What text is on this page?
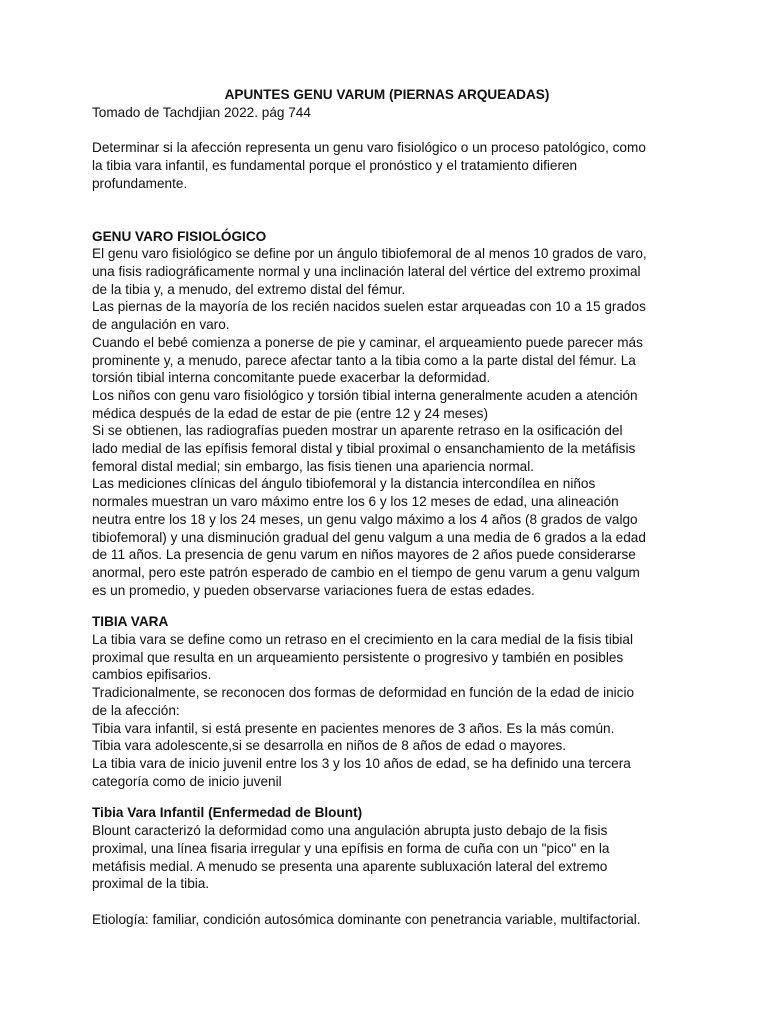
APUNTES GENU VARUM (PIERNAS ARQUEADAS)

Tomado de Tachdjian 2022. pág 744

Determinar si la afección representa un genu varo fisiológico o un proceso patológico, como

la tibia vara infantil, es fundamental porque el pronóstico y el tratamiento difieren

profundamente.

GENU VARO FISIOLÓGICO

El genu varo fisiológico se define por un ángulo tibiofemoral de al menos 10 grados de varo,

una fisis radiográficamente normal y una inclinación lateral del vértice del extremo proximal

de la tibia y, a menudo, del extremo distal del fémur.

Las piernas de la mayoría de los recién nacidos suelen estar arqueadas con 10 a 15 grados

de angulación en varo.

Cuando el bebé comienza a ponerse de pie y caminar, el arqueamiento puede parecer más

prominente y, a menudo, parece afectar tanto a la tibia como a la parte distal del fémur. La

torsión tibial interna concomitante puede exacerbar la deformidad.

Los niños con genu varo fisiológico y torsión tibial interna generalmente acuden a atención

médica después de la edad de estar de pie (entre 12 y 24 meses)

Si se obtienen, las radiografías pueden mostrar un aparente retraso en la osificación del

lado medial de las epífisis femoral distal y tibial proximal o ensanchamiento de la metáfisis

femoral distal medial; sin embargo, las fisis tienen una apariencia normal.

Las mediciones clínicas del ángulo tibiofemoral y la distancia intercondílea en niños

normales muestran un varo máximo entre los 6 y los 12 meses de edad, una alineación

neutra entre los 18 y los 24 meses, un genu valgo máximo a los 4 años (8 grados de valgo

tibiofemoral) y una disminución gradual del genu valgum a una media de 6 grados a la edad

de 11 años. La presencia de genu varum en niños mayores de 2 años puede considerarse

anormal, pero este patrón esperado de cambio en el tiempo de genu varum a genu valgum

es un promedio, y pueden observarse variaciones fuera de estas edades.

TIBIA VARA

La tibia vara se define como un retraso en el crecimiento en la cara medial de la fisis tibial

proximal que resulta en un arqueamiento persistente o progresivo y también en posibles

cambios epifisarios.

Tradicionalmente, se reconocen dos formas de deformidad en función de la edad de inicio

de la afección:

Tibia vara infantil, si está presente en pacientes menores de 3 años. Es la más común.

Tibia vara adolescente,si se desarrolla en niños de 8 años de edad o mayores.

La tibia vara de inicio juvenil entre los 3 y los 10 años de edad, se ha definido una tercera

categoría como de inicio juvenil

Tibia Vara Infantil (Enfermedad de Blount)

Blount caracterizó la deformidad como una angulación abrupta justo debajo de la fisis

proximal, una línea fisaria irregular y una epífisis en forma de cuña con un "pico" en la

metáfisis medial. A menudo se presenta una aparente subluxación lateral del extremo

proximal de la tibia.

Etiología: familiar, condición autosómica dominante con penetrancia variable, multifactorial.
